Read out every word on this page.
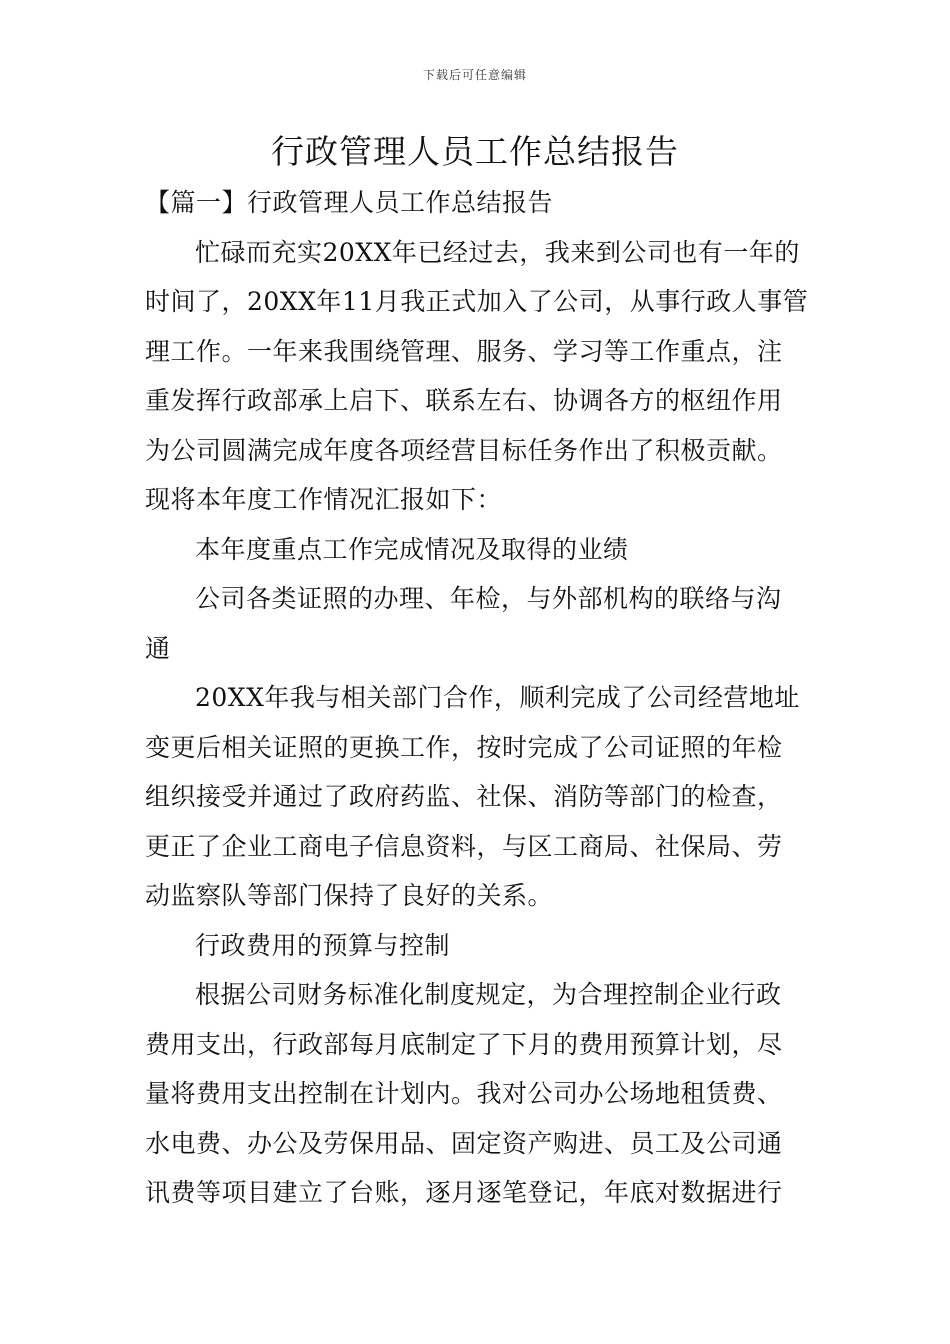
下载后可任意编辑
行政管理人员工作总结报告
【篇一】行政管理人员工作总结报告
忙碌而充实20XX年已经过去，我来到公司也有一年的
时间了，20XX年11月我正式加入了公司，从事行政人事管
理工作。一年来我围绕管理、服务、学习等工作重点，注
重发挥行政部承上启下、联系左右、协调各方的枢纽作用
为公司圆满完成年度各项经营目标任务作出了积极贡献。
现将本年度工作情况汇报如下：
本年度重点工作完成情况及取得的业绩
公司各类证照的办理、年检，与外部机构的联络与沟
通
20XX年我与相关部门合作，顺利完成了公司经营地址
变更后相关证照的更换工作，按时完成了公司证照的年检
组织接受并通过了政府药监、社保、消防等部门的检查，
更正了企业工商电子信息资料，与区工商局、社保局、劳
动监察队等部门保持了良好的关系。
行政费用的预算与控制
根据公司财务标准化制度规定，为合理控制企业行政
费用支出，行政部每月底制定了下月的费用预算计划，尽
量将费用支出控制在计划内。我对公司办公场地租赁费、
水电费、办公及劳保用品、固定资产购进、员工及公司通
讯费等项目建立了台账，逐月逐笔登记，年底对数据进行
